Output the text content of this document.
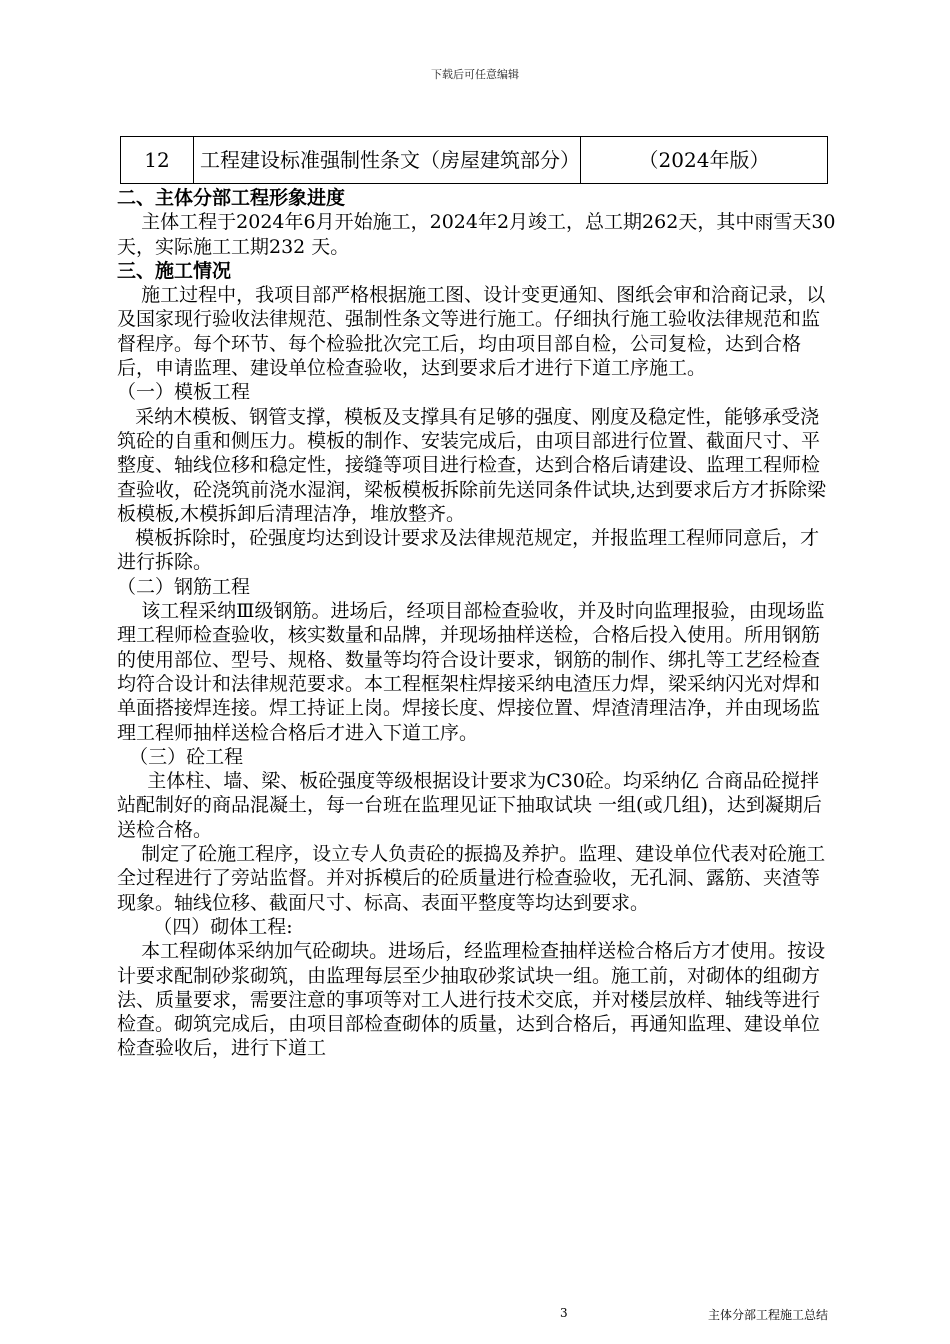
下载后可任意编辑
12	工程建设标准强制性条文（房屋建筑部分）	（2024年版）

二、主体分部工程形象进度

主体工程于2024年6月开始施工，2024年2月竣工，总工期262天，其中雨雪天30天，实际施工工期232 天。

三、施工情况

施工过程中，我项目部严格根据施工图、设计变更通知、图纸会审和洽商记录，以及国家现行验收法律规范、强制性条文等进行施工。仔细执行施工验收法律规范和监督程序。每个环节、每个检验批次完工后，均由项目部自检，公司复检，达到合格后，申请监理、建设单位检查验收，达到要求后才进行下道工序施工。

（一）模板工程

采纳木模板、钢管支撑，模板及支撑具有足够的强度、刚度及稳定性，能够承受浇筑砼的自重和侧压力。模板的制作、安装完成后，由项目部进行位置、截面尺寸、平整度、轴线位移和稳定性，接缝等项目进行检查，达到合格后请建设、监理工程师检查验收，砼浇筑前浇水湿润，梁板模板拆除前先送同条件试块,达到要求后方才拆除梁板模板,木模拆卸后清理洁净，堆放整齐。

模板拆除时，砼强度均达到设计要求及法律规范规定，并报监理工程师同意后，才进行拆除。

（二）钢筋工程

该工程采纳Ⅲ级钢筋。进场后，经项目部检查验收，并及时向监理报验，由现场监理工程师检查验收，核实数量和品牌，并现场抽样送检，合格后投入使用。所用钢筋的使用部位、型号、规格、数量等均符合设计要求，钢筋的制作、绑扎等工艺经检查均符合设计和法律规范要求。本工程框架柱焊接采纳电渣压力焊，梁采纳闪光对焊和单面搭接焊连接。焊工持证上岗。焊接长度、焊接位置、焊渣清理洁净，并由现场监理工程师抽样送检合格后才进入下道工序。

（三）砼工程

主体柱、墙、梁、板砼强度等级根据设计要求为C30砼。均采纳亿 合商品砼搅拌站配制好的商品混凝土，每一台班在监理见证下抽取试块 一组(或几组)，达到凝期后送检合格。

制定了砼施工程序，设立专人负责砼的振捣及养护。监理、建设单位代表对砼施工全过程进行了旁站监督。并对拆模后的砼质量进行检查验收，无孔洞、露筋、夹渣等现象。轴线位移、截面尺寸、标高、表面平整度等均达到要求。

（四）砌体工程:

本工程砌体采纳加气砼砌块。进场后，经监理检查抽样送检合格后方才使用。按设计要求配制砂浆砌筑，由监理每层至少抽取砂浆试块一组。施工前，对砌体的组砌方法、质量要求，需要注意的事项等对工人进行技术交底，并对楼层放样、轴线等进行检查。砌筑完成后，由项目部检查砌体的质量，达到合格后，再通知监理、建设单位检查验收后，进行下道工

3	主体分部工程施工总结
